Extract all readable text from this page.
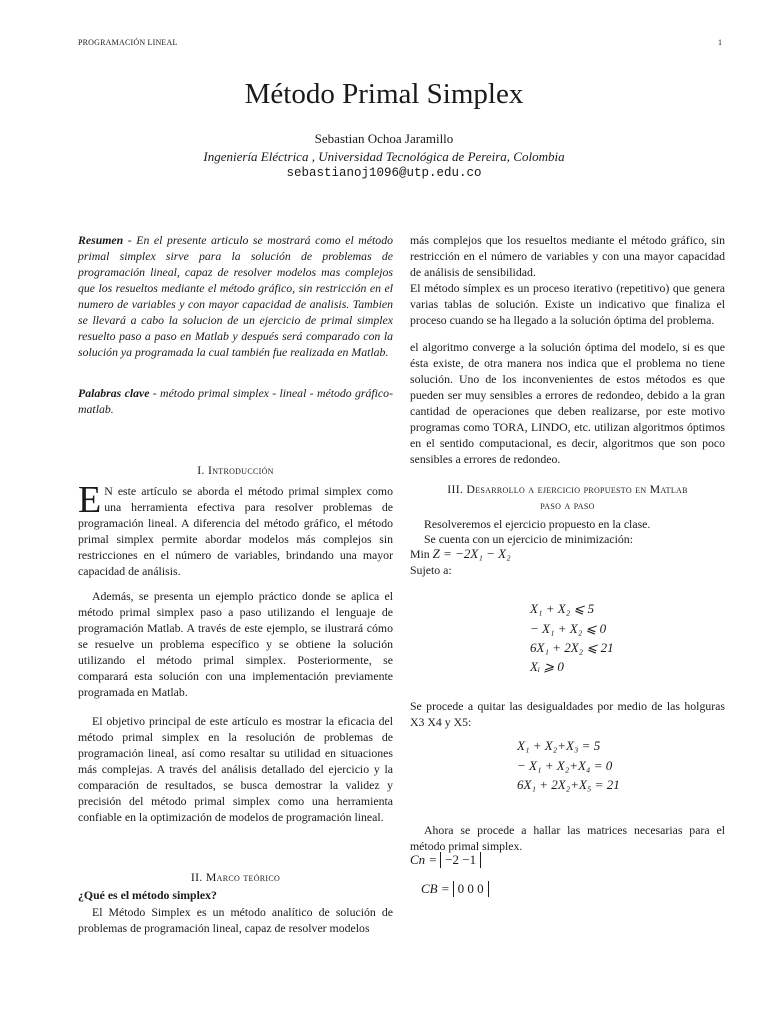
PROGRAMACIÓN LINEAL	1
Método Primal Simplex
Sebastian Ochoa Jaramillo
Ingeniería Eléctrica , Universidad Tecnológica de Pereira, Colombia
sebastianoj1096@utp.edu.co
Resumen - En el presente articulo se mostrará como el método primal simplex sirve para la solución de problemas de programación lineal, capaz de resolver modelos mas complejos que los resueltos mediante el método gráfico, sin restricción en el numero de variables y con mayor capacidad de analisis. Tambien se llevará a cabo la solucion de un ejercicio de primal simplex resuelto paso a paso en Matlab y después será comparado con la solución ya programada la cual también fue realizada en Matlab.
Palabras clave - método primal simplex - lineal - método gráfico- matlab.
I. Introducción
E N este artículo se aborda el método primal simplex como una herramienta efectiva para resolver problemas de programación lineal. A diferencia del método gráfico, el método primal simplex permite abordar modelos más complejos sin restricciones en el número de variables, brindando una mayor capacidad de análisis.
Además, se presenta un ejemplo práctico donde se aplica el método primal simplex paso a paso utilizando el lenguaje de programación Matlab. A través de este ejemplo, se ilustrará cómo se resuelve un problema específico y se obtiene la solución utilizando el método primal simplex. Posteriormente, se comparará esta solución con una implementación previamente programada en Matlab.
El objetivo principal de este artículo es mostrar la eficacia del método primal simplex en la resolución de problemas de programación lineal, así como resaltar su utilidad en situaciones más complejas. A través del análisis detallado del ejercicio y la comparación de resultados, se busca demostrar la validez y precisión del método primal simplex como una herramienta confiable en la optimización de modelos de programación lineal.
II. Marco teórico
¿Qué es el método simplex?
El Método Simplex es un método analítico de solución de problemas de programación lineal, capaz de resolver modelos
más complejos que los resueltos mediante el método gráfico, sin restricción en el número de variables y con una mayor capacidad de análisis de sensibilidad.
El método símplex es un proceso iterativo (repetitivo) que genera varias tablas de solución. Existe un indicativo que finaliza el proceso cuando se ha llegado a la solución óptima del problema.
el algoritmo converge a la solución óptima del modelo, si es que ésta existe, de otra manera nos indica que el problema no tiene solución. Uno de los inconvenientes de estos métodos es que pueden ser muy sensibles a errores de redondeo, debido a la gran cantidad de operaciones que deben realizarse, por este motivo programas como TORA, LINDO, etc. utilizan algoritmos óptimos en el sentido computacional, es decir, algoritmos que son poco sensibles a errores de redondeo.
III. Desarrollo a ejercicio propuesto en Matlab
paso a paso
Resolveremos el ejercicio propuesto en la clase.
Se cuenta con un ejercicio de minimización:
Min Z = −2X₁ − X₂
Sujeto a:
X₁ + X₂ ⩽ 5
− X₁ + X₂ ⩽ 0
6X₁ + 2X₂ ⩽ 21
Xᵢ ⩾ 0
Se procede a quitar las desigualdades por medio de las holguras X3 X4 y X5:
X₁ + X₂+X₃ = 5
− X₁ + X₂+X₄ = 0
6X₁ + 2X₂+X₅ = 21
Ahora se procede a hallar las matrices necesarias para el método primal simplex.
Cn = −2 −1
CB = 0 0 0
